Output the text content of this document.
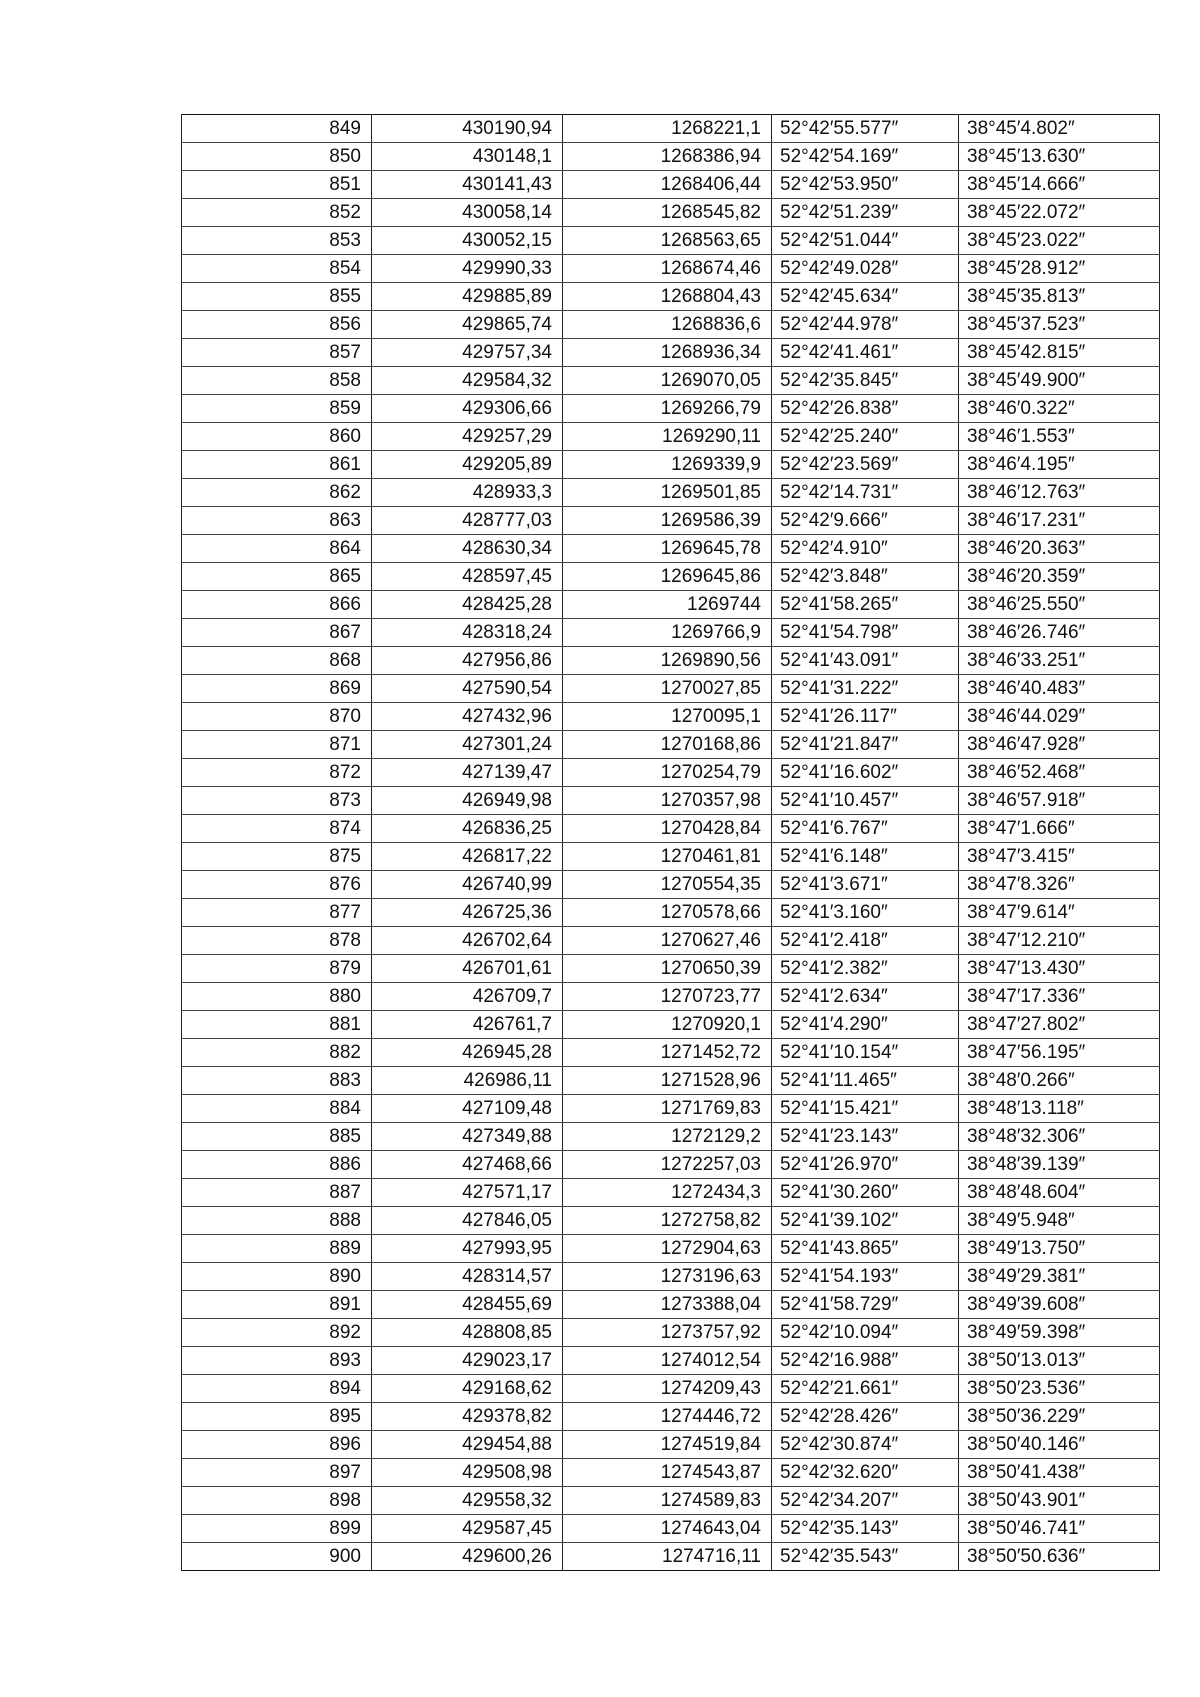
849	430190,94	1268221,1	52°42′55.577″	38°45′4.802″
850	430148,1	1268386,94	52°42′54.169″	38°45′13.630″
851	430141,43	1268406,44	52°42′53.950″	38°45′14.666″
852	430058,14	1268545,82	52°42′51.239″	38°45′22.072″
853	430052,15	1268563,65	52°42′51.044″	38°45′23.022″
854	429990,33	1268674,46	52°42′49.028″	38°45′28.912″
855	429885,89	1268804,43	52°42′45.634″	38°45′35.813″
856	429865,74	1268836,6	52°42′44.978″	38°45′37.523″
857	429757,34	1268936,34	52°42′41.461″	38°45′42.815″
858	429584,32	1269070,05	52°42′35.845″	38°45′49.900″
859	429306,66	1269266,79	52°42′26.838″	38°46′0.322″
860	429257,29	1269290,11	52°42′25.240″	38°46′1.553″
861	429205,89	1269339,9	52°42′23.569″	38°46′4.195″
862	428933,3	1269501,85	52°42′14.731″	38°46′12.763″
863	428777,03	1269586,39	52°42′9.666″	38°46′17.231″
864	428630,34	1269645,78	52°42′4.910″	38°46′20.363″
865	428597,45	1269645,86	52°42′3.848″	38°46′20.359″
866	428425,28	1269744	52°41′58.265″	38°46′25.550″
867	428318,24	1269766,9	52°41′54.798″	38°46′26.746″
868	427956,86	1269890,56	52°41′43.091″	38°46′33.251″
869	427590,54	1270027,85	52°41′31.222″	38°46′40.483″
870	427432,96	1270095,1	52°41′26.117″	38°46′44.029″
871	427301,24	1270168,86	52°41′21.847″	38°46′47.928″
872	427139,47	1270254,79	52°41′16.602″	38°46′52.468″
873	426949,98	1270357,98	52°41′10.457″	38°46′57.918″
874	426836,25	1270428,84	52°41′6.767″	38°47′1.666″
875	426817,22	1270461,81	52°41′6.148″	38°47′3.415″
876	426740,99	1270554,35	52°41′3.671″	38°47′8.326″
877	426725,36	1270578,66	52°41′3.160″	38°47′9.614″
878	426702,64	1270627,46	52°41′2.418″	38°47′12.210″
879	426701,61	1270650,39	52°41′2.382″	38°47′13.430″
880	426709,7	1270723,77	52°41′2.634″	38°47′17.336″
881	426761,7	1270920,1	52°41′4.290″	38°47′27.802″
882	426945,28	1271452,72	52°41′10.154″	38°47′56.195″
883	426986,11	1271528,96	52°41′11.465″	38°48′0.266″
884	427109,48	1271769,83	52°41′15.421″	38°48′13.118″
885	427349,88	1272129,2	52°41′23.143″	38°48′32.306″
886	427468,66	1272257,03	52°41′26.970″	38°48′39.139″
887	427571,17	1272434,3	52°41′30.260″	38°48′48.604″
888	427846,05	1272758,82	52°41′39.102″	38°49′5.948″
889	427993,95	1272904,63	52°41′43.865″	38°49′13.750″
890	428314,57	1273196,63	52°41′54.193″	38°49′29.381″
891	428455,69	1273388,04	52°41′58.729″	38°49′39.608″
892	428808,85	1273757,92	52°42′10.094″	38°49′59.398″
893	429023,17	1274012,54	52°42′16.988″	38°50′13.013″
894	429168,62	1274209,43	52°42′21.661″	38°50′23.536″
895	429378,82	1274446,72	52°42′28.426″	38°50′36.229″
896	429454,88	1274519,84	52°42′30.874″	38°50′40.146″
897	429508,98	1274543,87	52°42′32.620″	38°50′41.438″
898	429558,32	1274589,83	52°42′34.207″	38°50′43.901″
899	429587,45	1274643,04	52°42′35.143″	38°50′46.741″
900	429600,26	1274716,11	52°42′35.543″	38°50′50.636″
